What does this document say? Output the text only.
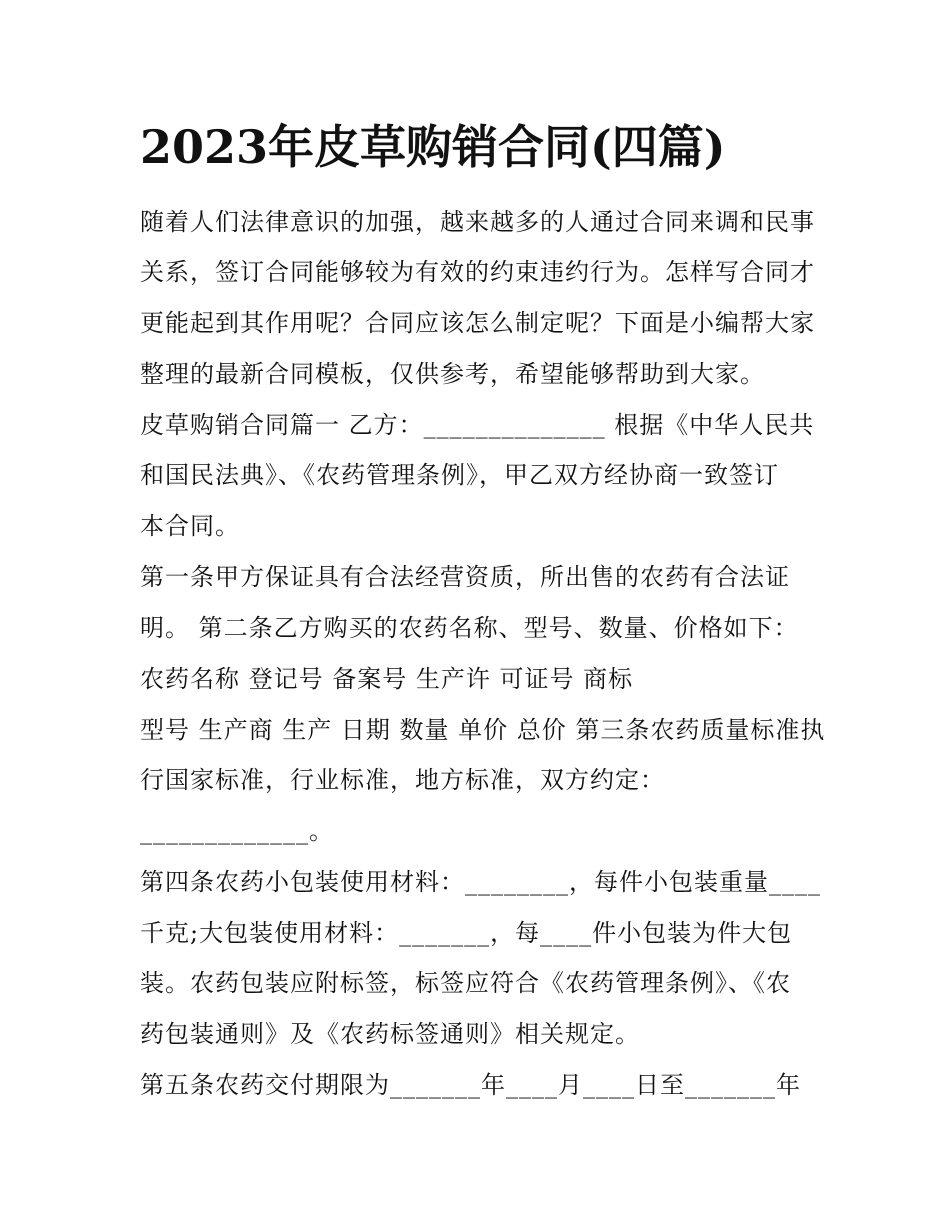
2023年皮草购销合同(四篇)
随着人们法律意识的加强，越来越多的人通过合同来调和民事
关系，签订合同能够较为有效的约束违约行为。怎样写合同才
更能起到其作用呢？合同应该怎么制定呢？下面是小编帮大家
整理的最新合同模板，仅供参考，希望能够帮助到大家。
皮草购销合同篇一 乙方：______________ 根据《中华人民共
和国民法典》、《农药管理条例》，甲乙双方经协商一致签订
本合同。
第一条甲方保证具有合法经营资质，所出售的农药有合法证
明。 第二条乙方购买的农药名称、型号、数量、价格如下：
农药名称 登记号 备案号 生产许 可证号 商标
型号 生产商 生产 日期 数量 单价 总价 第三条农药质量标准执
行国家标准，行业标准，地方标准，双方约定：
_____________。
第四条农药小包装使用材料：________，每件小包装重量____
千克;大包装使用材料：_______，每____件小包装为件大包
装。农药包装应附标签，标签应符合《农药管理条例》、《农
药包装通则》及《农药标签通则》相关规定。
第五条农药交付期限为_______年____月____日至_______年
